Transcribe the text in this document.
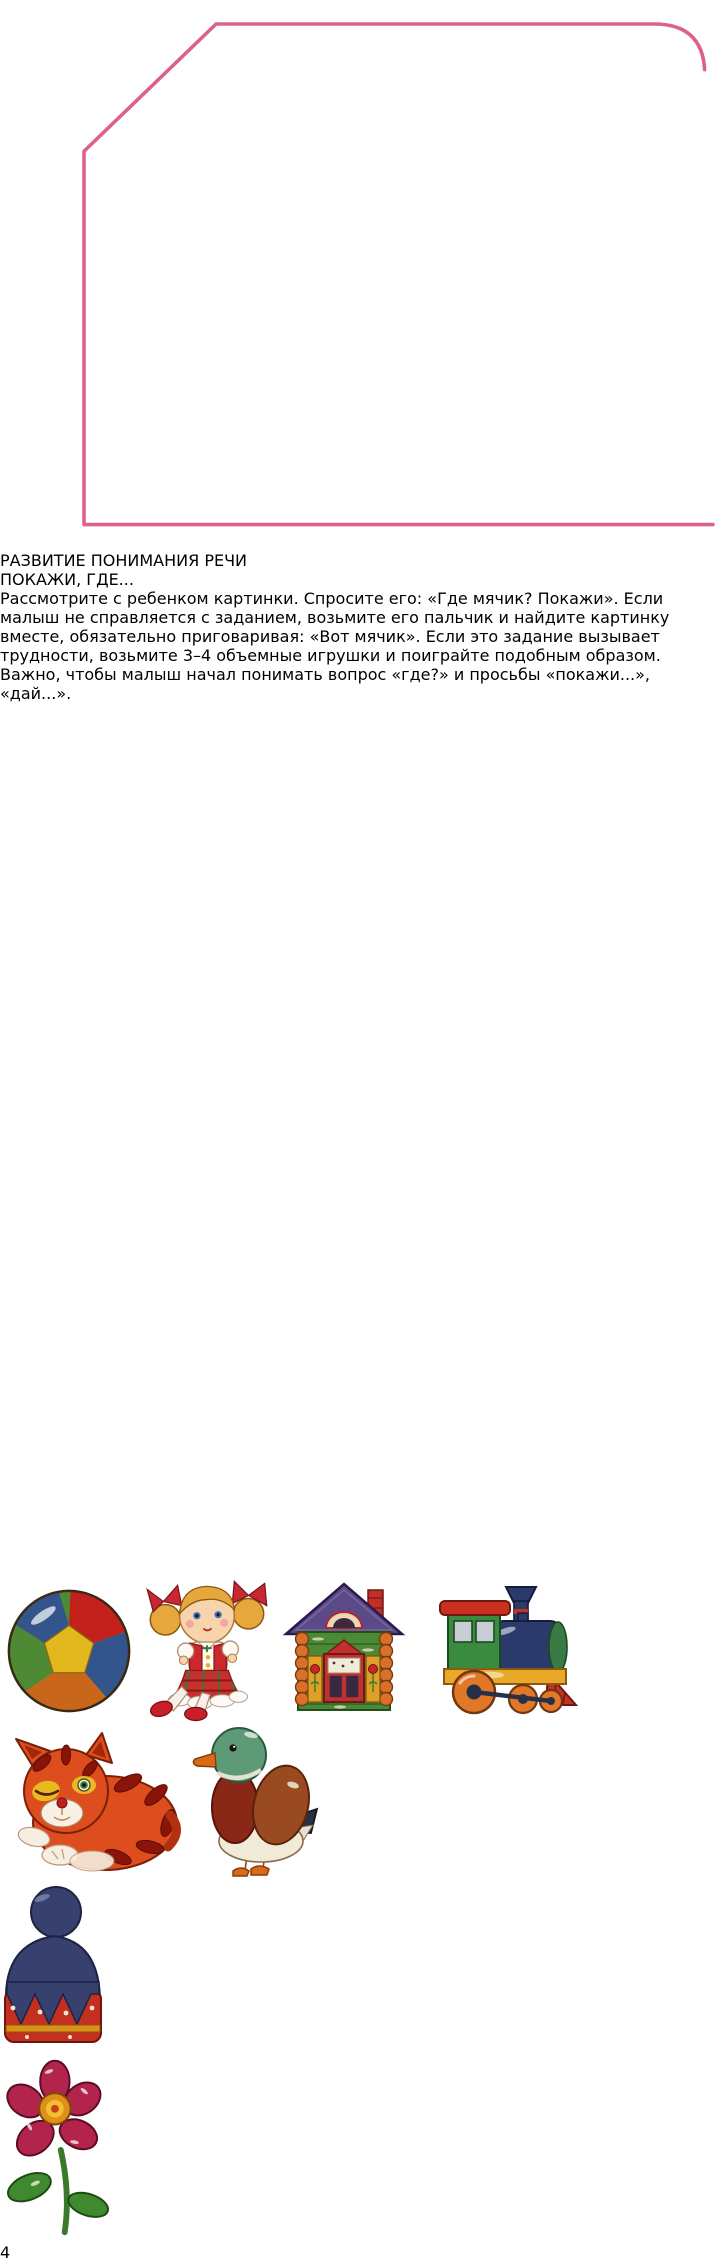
РАЗВИТИЕ ПОНИМАНИЯ РЕЧИ
ПОКАЖИ, ГДЕ...
Рассмотрите с ребенком картинки. Спросите его: «Где мячик? Покажи». Если малыш не справляется с заданием, возьмите его пальчик и найдите картинку вместе, обязательно приговаривая: «Вот мячик». Если это задание вызывает трудности, возьмите 3–4 объемные игрушки и поиграйте подобным образом. Важно, чтобы малыш начал понимать вопрос «где?» и просьбы «покажи...», «дай...».

4
